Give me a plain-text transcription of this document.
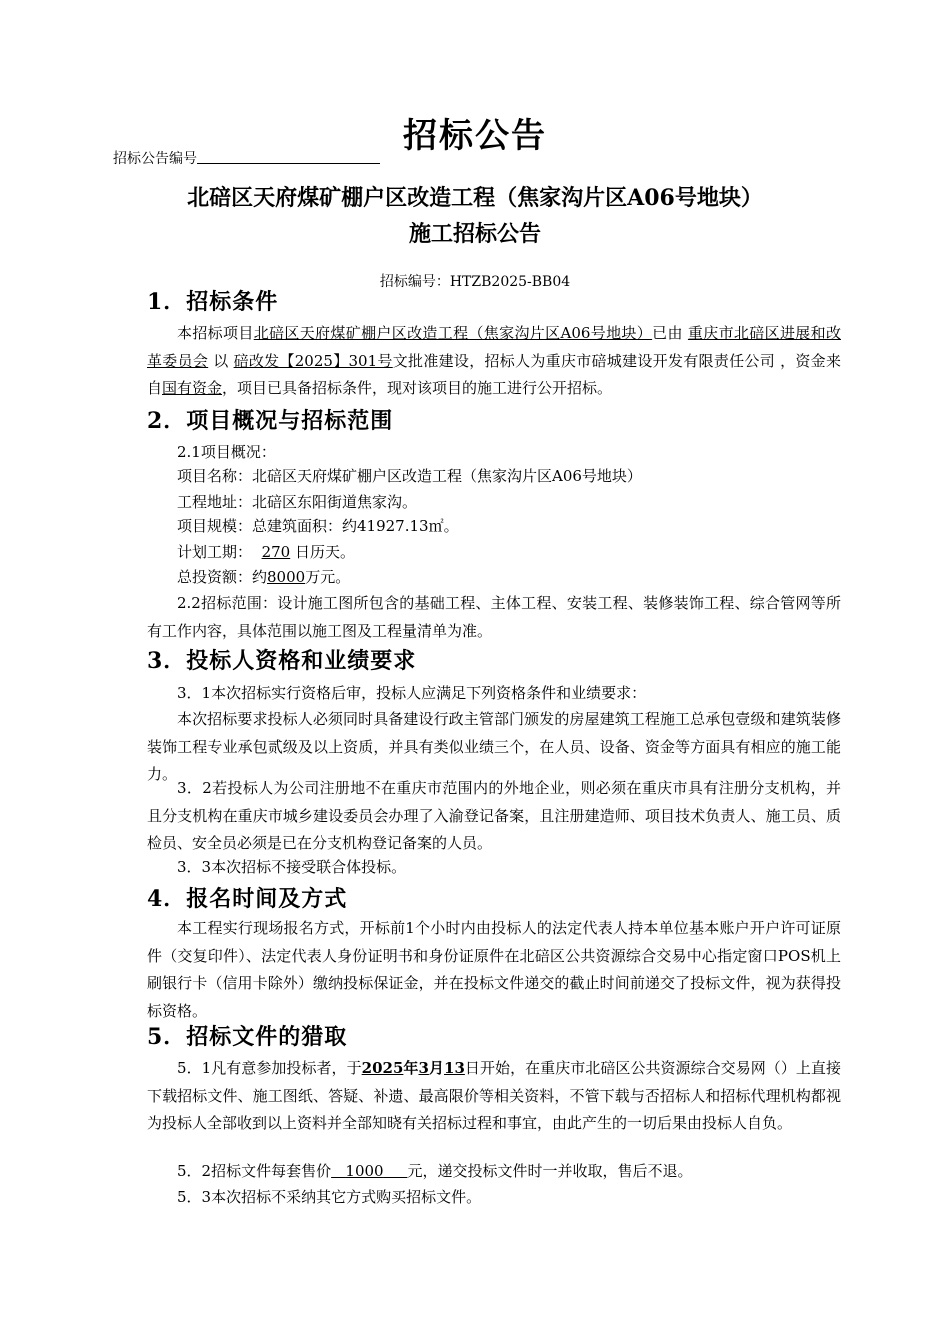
招标公告
招标公告编号
北碚区天府煤矿棚户区改造工程（焦家沟片区A06号地块）
施工招标公告
招标编号：HTZB2025-BB04
1．招标条件
本招标项目北碚区天府煤矿棚户区改造工程（焦家沟片区A06号地块）已由 重庆市北碚区进展和改革委员会 以 碚改发【2025】301号文批准建设，招标人为重庆市碚城建设开发有限责任公司 ，资金来自国有资金，项目已具备招标条件，现对该项目的施工进行公开招标。
2．项目概况与招标范围
2.1项目概况：
项目名称：北碚区天府煤矿棚户区改造工程（焦家沟片区A06号地块）
工程地址：北碚区东阳街道焦家沟。
项目规模：总建筑面积：约41927.13㎡。
计划工期： 270 日历天。
总投资额：约8000万元。
2.2招标范围：设计施工图所包含的基础工程、主体工程、安装工程、装修装饰工程、综合管网等所有工作内容，具体范围以施工图及工程量清单为准。
3．投标人资格和业绩要求
3．1本次招标实行资格后审，投标人应满足下列资格条件和业绩要求：
本次招标要求投标人必须同时具备建设行政主管部门颁发的房屋建筑工程施工总承包壹级和建筑装修装饰工程专业承包贰级及以上资质，并具有类似业绩三个，在人员、设备、资金等方面具有相应的施工能力。
3．2若投标人为公司注册地不在重庆市范围内的外地企业，则必须在重庆市具有注册分支机构，并且分支机构在重庆市城乡建设委员会办理了入渝登记备案，且注册建造师、项目技术负责人、施工员、质检员、安全员必须是已在分支机构登记备案的人员。
3．3本次招标不接受联合体投标。
4．报名时间及方式
本工程实行现场报名方式，开标前1个小时内由投标人的法定代表人持本单位基本账户开户许可证原件（交复印件）、法定代表人身份证明书和身份证原件在北碚区公共资源综合交易中心指定窗口POS机上刷银行卡（信用卡除外）缴纳投标保证金，并在投标文件递交的截止时间前递交了投标文件，视为获得投标资格。
5．招标文件的猎取
5．1凡有意参加投标者，于2025年3月13日开始，在重庆市北碚区公共资源综合交易网（）上直接下载招标文件、施工图纸、答疑、补遗、最高限价等相关资料，不管下载与否招标人和招标代理机构都视为投标人全部收到以上资料并全部知晓有关招标过程和事宜，由此产生的一切后果由投标人自负。
5．2招标文件每套售价 1000 元，递交投标文件时一并收取，售后不退。
5．3本次招标不采纳其它方式购买招标文件。
